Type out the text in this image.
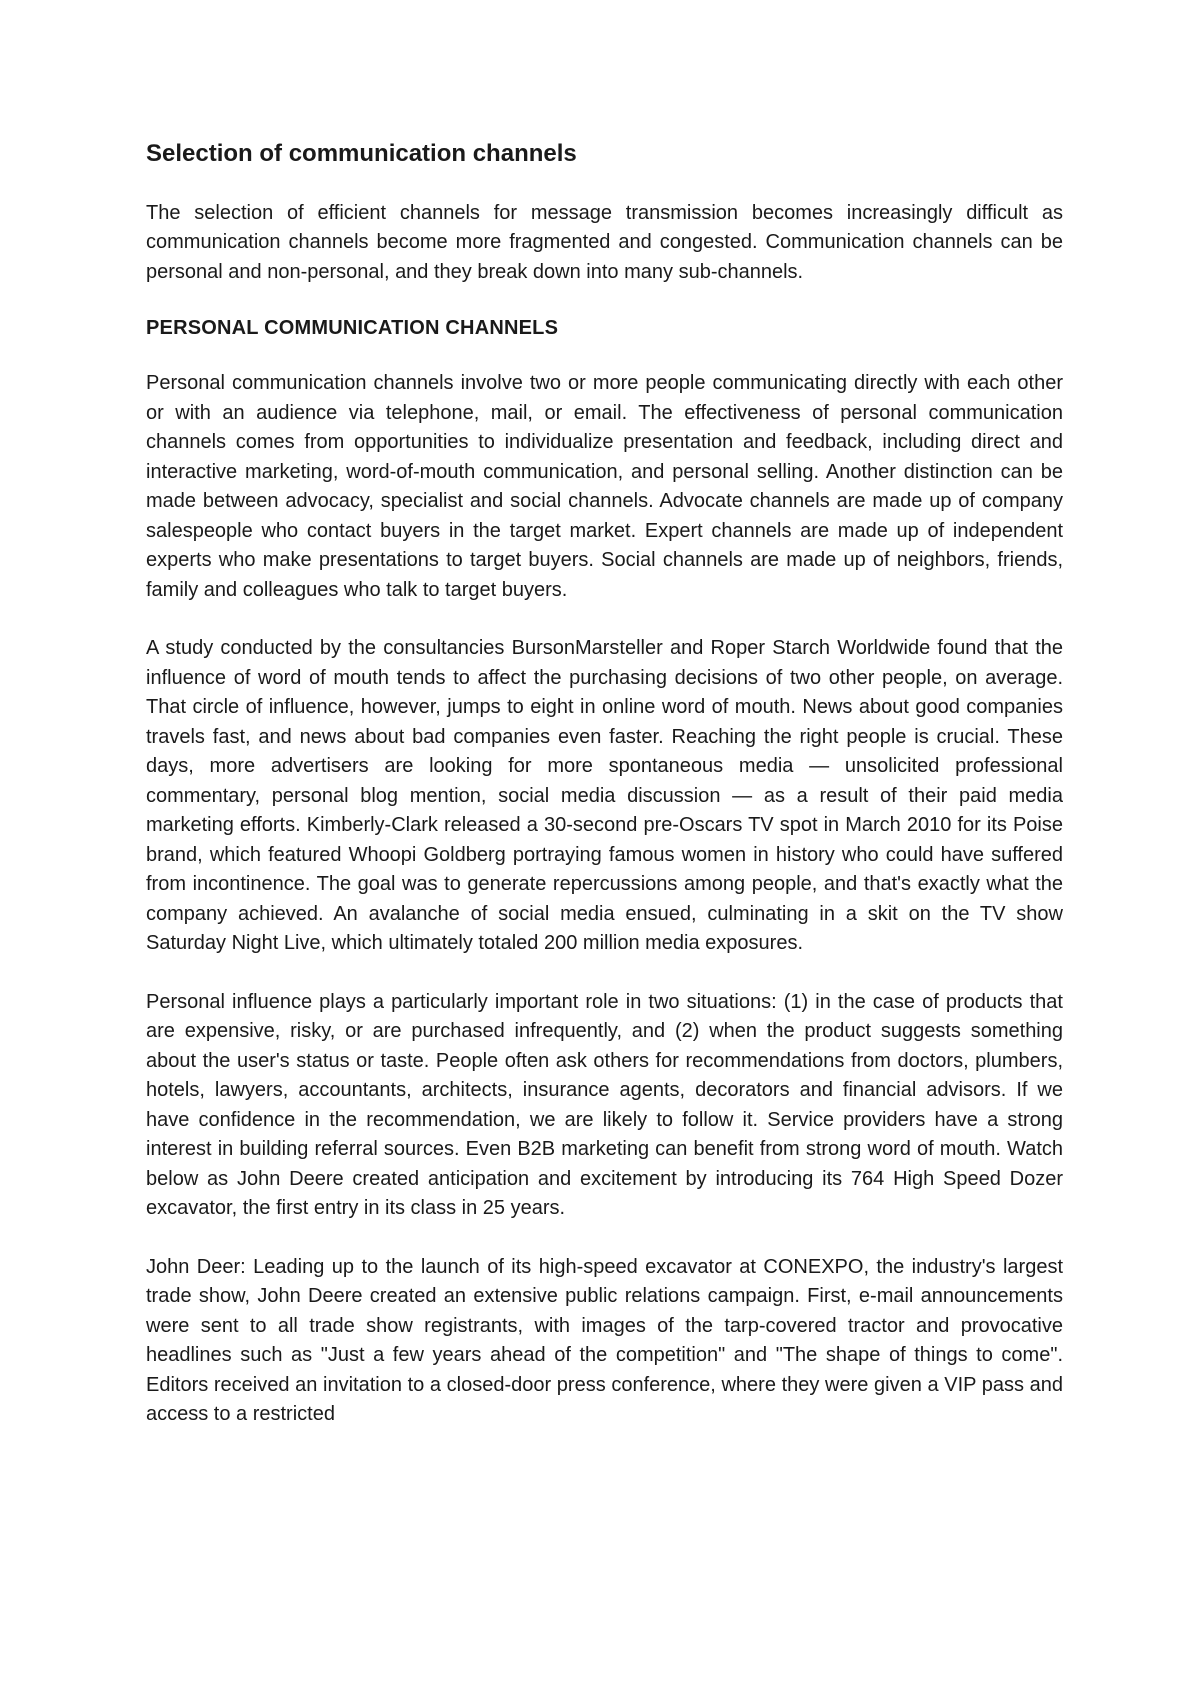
Selection of communication channels

The selection of efficient channels for message transmission becomes increasingly difficult as communication channels become more fragmented and congested. Communication channels can be personal and non-personal, and they break down into many sub-channels.

PERSONAL COMMUNICATION CHANNELS

Personal communication channels involve two or more people communicating directly with each other or with an audience via telephone, mail, or email. The effectiveness of personal communication channels comes from opportunities to individualize presentation and feedback, including direct and interactive marketing, word-of-mouth communication, and personal selling. Another distinction can be made between advocacy, specialist and social channels. Advocate channels are made up of company salespeople who contact buyers in the target market. Expert channels are made up of independent experts who make presentations to target buyers. Social channels are made up of neighbors, friends, family and colleagues who talk to target buyers.

A study conducted by the consultancies BursonMarsteller and Roper Starch Worldwide found that the influence of word of mouth tends to affect the purchasing decisions of two other people, on average. That circle of influence, however, jumps to eight in online word of mouth. News about good companies travels fast, and news about bad companies even faster. Reaching the right people is crucial. These days, more advertisers are looking for more spontaneous media — unsolicited professional commentary, personal blog mention, social media discussion — as a result of their paid media marketing efforts. Kimberly-Clark released a 30-second pre-Oscars TV spot in March 2010 for its Poise brand, which featured Whoopi Goldberg portraying famous women in history who could have suffered from incontinence. The goal was to generate repercussions among people, and that's exactly what the company achieved. An avalanche of social media ensued, culminating in a skit on the TV show Saturday Night Live, which ultimately totaled 200 million media exposures.

Personal influence plays a particularly important role in two situations: (1) in the case of products that are expensive, risky, or are purchased infrequently, and (2) when the product suggests something about the user's status or taste. People often ask others for recommendations from doctors, plumbers, hotels, lawyers, accountants, architects, insurance agents, decorators and financial advisors. If we have confidence in the recommendation, we are likely to follow it. Service providers have a strong interest in building referral sources. Even B2B marketing can benefit from strong word of mouth. Watch below as John Deere created anticipation and excitement by introducing its 764 High Speed Dozer excavator, the first entry in its class in 25 years.

John Deer: Leading up to the launch of its high-speed excavator at CONEXPO, the industry's largest trade show, John Deere created an extensive public relations campaign. First, e-mail announcements were sent to all trade show registrants, with images of the tarp-covered tractor and provocative headlines such as "Just a few years ahead of the competition" and "The shape of things to come". Editors received an invitation to a closed-door press conference, where they were given a VIP pass and access to a restricted
